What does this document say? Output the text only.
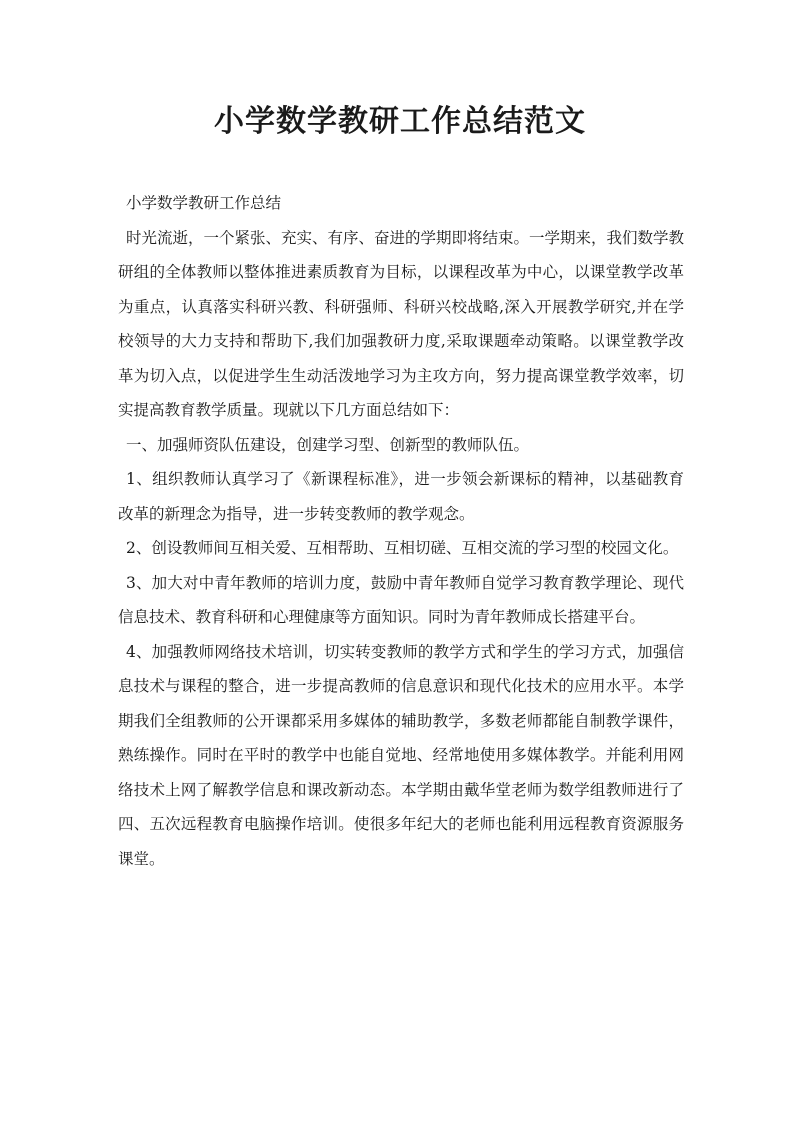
小学数学教研工作总结范文

小学数学教研工作总结

时光流逝，一个紧张、充实、有序、奋进的学期即将结束。一学期来，我们数学教研组的全体教师以整体推进素质教育为目标，以课程改革为中心，以课堂教学改革为重点，认真落实科研兴教、科研强师、科研兴校战略,深入开展教学研究,并在学校领导的大力支持和帮助下,我们加强教研力度,采取课题牵动策略。以课堂教学改革为切入点，以促进学生生动活泼地学习为主攻方向，努力提高课堂教学效率，切实提高教育教学质量。现就以下几方面总结如下：

一、加强师资队伍建设，创建学习型、创新型的教师队伍。

1、组织教师认真学习了《新课程标准》，进一步领会新课标的精神，以基础教育改革的新理念为指导，进一步转变教师的教学观念。

2、创设教师间互相关爱、互相帮助、互相切磋、互相交流的学习型的校园文化。

3、加大对中青年教师的培训力度，鼓励中青年教师自觉学习教育教学理论、现代信息技术、教育科研和心理健康等方面知识。同时为青年教师成长搭建平台。

4、加强教师网络技术培训，切实转变教师的教学方式和学生的学习方式，加强信息技术与课程的整合，进一步提高教师的信息意识和现代化技术的应用水平。本学期我们全组教师的公开课都采用多媒体的辅助教学，多数老师都能自制教学课件，熟练操作。同时在平时的教学中也能自觉地、经常地使用多媒体教学。并能利用网络技术上网了解教学信息和课改新动态。本学期由戴华堂老师为数学组教师进行了四、五次远程教育电脑操作培训。使很多年纪大的老师也能利用远程教育资源服务课堂。
